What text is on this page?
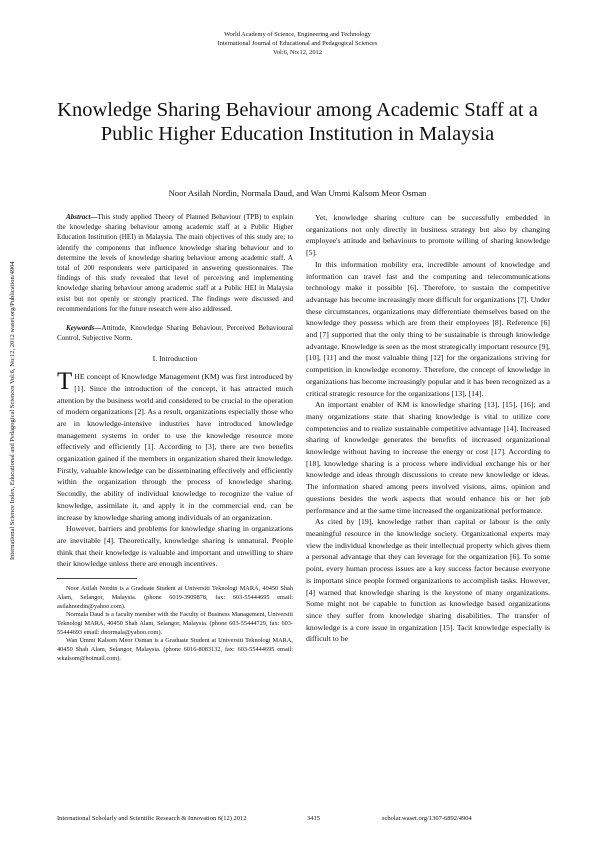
World Academy of Science, Engineering and Technology
International Journal of Educational and Pedagogical Sciences
Vol:6, No:12, 2012
Knowledge Sharing Behaviour among Academic Staff at a Public Higher Education Institution in Malaysia
Noor Asilah Nordin, Normala Daud, and Wan Ummi Kalsom Meor Osman
International Science Index, Educational and Pedagogical Sciences Vol:6, No:12, 2012 waset.org/Publication/4904

Abstract—This study applied Theory of Planned Behaviour (TPB) to explain the knowledge sharing behaviour among academic staff at a Public Higher Education Institution (HEI) in Malaysia. The main objectives of this study are; to identify the components that influence knowledge sharing behaviour and to determine the levels of knowledge sharing behaviour among academic staff. A total of 200 respondents were participated in answering questionnaires. The findings of this study revealed that level of perceiving and implementing knowledge sharing behaviour among academic staff at a Public HEI in Malaysia exist but not openly or strongly practiced. The findings were discussed and recommendations for the future research were also addressed.

Keywords—Attitude, Knowledge Sharing Behaviour, Perceived Behavioural Control, Subjective Norm.

I. Introduction

THE concept of Knowledge Management (KM) was first introduced by [1]. Since the introduction of the concept, it has attracted much attention by the business world and considered to be crucial to the operation of modern organizations [2]. As a result, organizations especially those who are in knowledge-intensive industries have introduced knowledge management systems in order to use the knowledge resource more effectively and efficiently [1]. According to [3], there are two benefits organization gained if the members in organization shared their knowledge. Firstly, valuable knowledge can be disseminating effectively and efficiently within the organization through the process of knowledge sharing. Secondly, the ability of individual knowledge to recognize the value of knowledge, assimilate it, and apply it in the commercial end, can be increase by knowledge sharing among individuals of an organization.

However, barriers and problems for knowledge sharing in organizations are inevitable [4]. Theoretically, knowledge sharing is unnatural. People think that their knowledge is valuable and important and unwilling to share their knowledge unless there are enough incentives.

Noor Asilah Nordin is a Graduate Student at Universiti Teknologi MARA, 40450 Shah Alam, Selangor, Malaysia. (phone 6019-3909878, fax: 603-55444695 email: asilahnordin@yahoo.com).

Normala Daud is a faculty member with the Faculty of Business Management, Universiti Teknologi MARA, 40450 Shah Alam, Selangor, Malaysia. (phone 603-55444729, fax: 603-55444693 email: dnormala@yahoo.com).

Wan Ummi Kalsom Meor Osman is a Graduate Student at Universiti Teknologi MARA, 40450 Shah Alam, Selangor, Malaysia. (phone 6016-8083132, fax: 603-55444695 email: wkalsom@hotmail.com).

Yet, knowledge sharing culture can be successfully embedded in organizations not only directly in business strategy but also by changing employee's attitude and behaviours to promote willing of sharing knowledge [5].

In this information mobility era, incredible amount of knowledge and information can travel fast and the computing and telecommunications technology make it possible [6]. Therefore, to sustain the competitive advantage has become increasingly more difficult for organizations [7]. Under these circumstances, organizations may differentiate themselves based on the knowledge they possess which are from their employees [8]. Reference [6] and [7] supported that the only thing to be sustainable is through knowledge advantage. Knowledge is seen as the most strategically important resource [9], [10], [11] and the most valuable thing [12] for the organizations striving for competition in knowledge economy. Therefore, the concept of knowledge in organizations has become increasingly popular and it has been recognized as a critical strategic resource for the organizations [13], [14].

An important enabler of KM is knowledge sharing [13], [15], [16]; and many organizations state that sharing knowledge is vital to utilize core competencies and to realize sustainable competitive advantage [14]. Increased sharing of knowledge generates the benefits of increased organizational knowledge without having to increase the energy or cost [17]. According to [18], knowledge sharing is a process where individual exchange his or her knowledge and ideas through discussions to create new knowledge or ideas. The information shared among peers involved visions, aims, opinion and questions besides the work aspects that would enhance his or her job performance and at the same time increased the organizational performance.

As cited by [19], knowledge rather than capital or labour is the only meaningful resource in the knowledge society. Organizational experts may view the individual knowledge as their intellectual property which gives them a personal advantage that they can leverage for the organization [6]. To some point, every human process issues are a key success factor because everyone is important since people formed organizations to accomplish tasks. However, [4] warned that knowledge sharing is the keystone of many organizations. Some might not be capable to function as knowledge based organizations since they suffer from knowledge sharing disabilities. The transfer of knowledge is a core issue in organization [15]. Tacit knowledge especially is difficult to be

International Scholarly and Scientific Research & Innovation 6(12) 2012	3415	scholar.waset.org/1307-6892/4904
